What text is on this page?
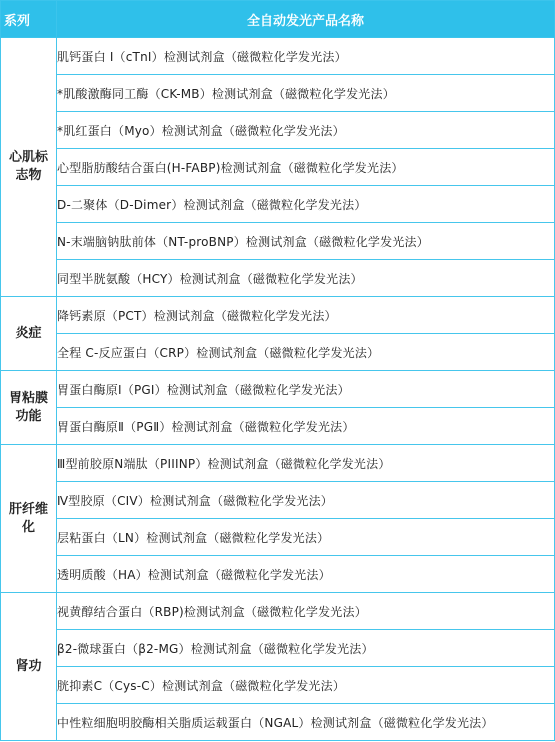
系列	全自动发光产品名称
心肌标
志物	肌钙蛋白 I（cTnI）检测试剂盒（磁微粒化学发光法）

	*肌酸激酶同工酶（CK-MB）检测试剂盒（磁微粒化学发光法）

	*肌红蛋白（Myo）检测试剂盒（磁微粒化学发光法）

	心型脂肪酸结合蛋白(H-FABP)检测试剂盒（磁微粒化学发光法）

	D-二聚体（D-Dimer）检测试剂盒（磁微粒化学发光法）

	N-末端脑钠肽前体（NT-proBNP）检测试剂盒（磁微粒化学发光法）

	同型半胱氨酸（HCY）检测试剂盒（磁微粒化学发光法）

炎症	降钙素原（PCT）检测试剂盒（磁微粒化学发光法）

	全程 C-反应蛋白（CRP）检测试剂盒（磁微粒化学发光法）

胃粘膜
功能	胃蛋白酶原Ⅰ（PGⅠ）检测试剂盒（磁微粒化学发光法）

	胃蛋白酶原Ⅱ（PGⅡ）检测试剂盒（磁微粒化学发光法）

肝纤维
化	Ⅲ型前胶原N端肽（PIIINP）检测试剂盒（磁微粒化学发光法）

	Ⅳ型胶原（CIV）检测试剂盒（磁微粒化学发光法）

	层粘蛋白（LN）检测试剂盒（磁微粒化学发光法）

	透明质酸（HA）检测试剂盒（磁微粒化学发光法）

肾功	视黄醇结合蛋白（RBP)检测试剂盒（磁微粒化学发光法）

	β2-微球蛋白（β2-MG）检测试剂盒（磁微粒化学发光法）

	胱抑素C（Cys-C）检测试剂盒（磁微粒化学发光法）

	中性粒细胞明胶酶相关脂质运载蛋白（NGAL）检测试剂盒（磁微粒化学发光法）
